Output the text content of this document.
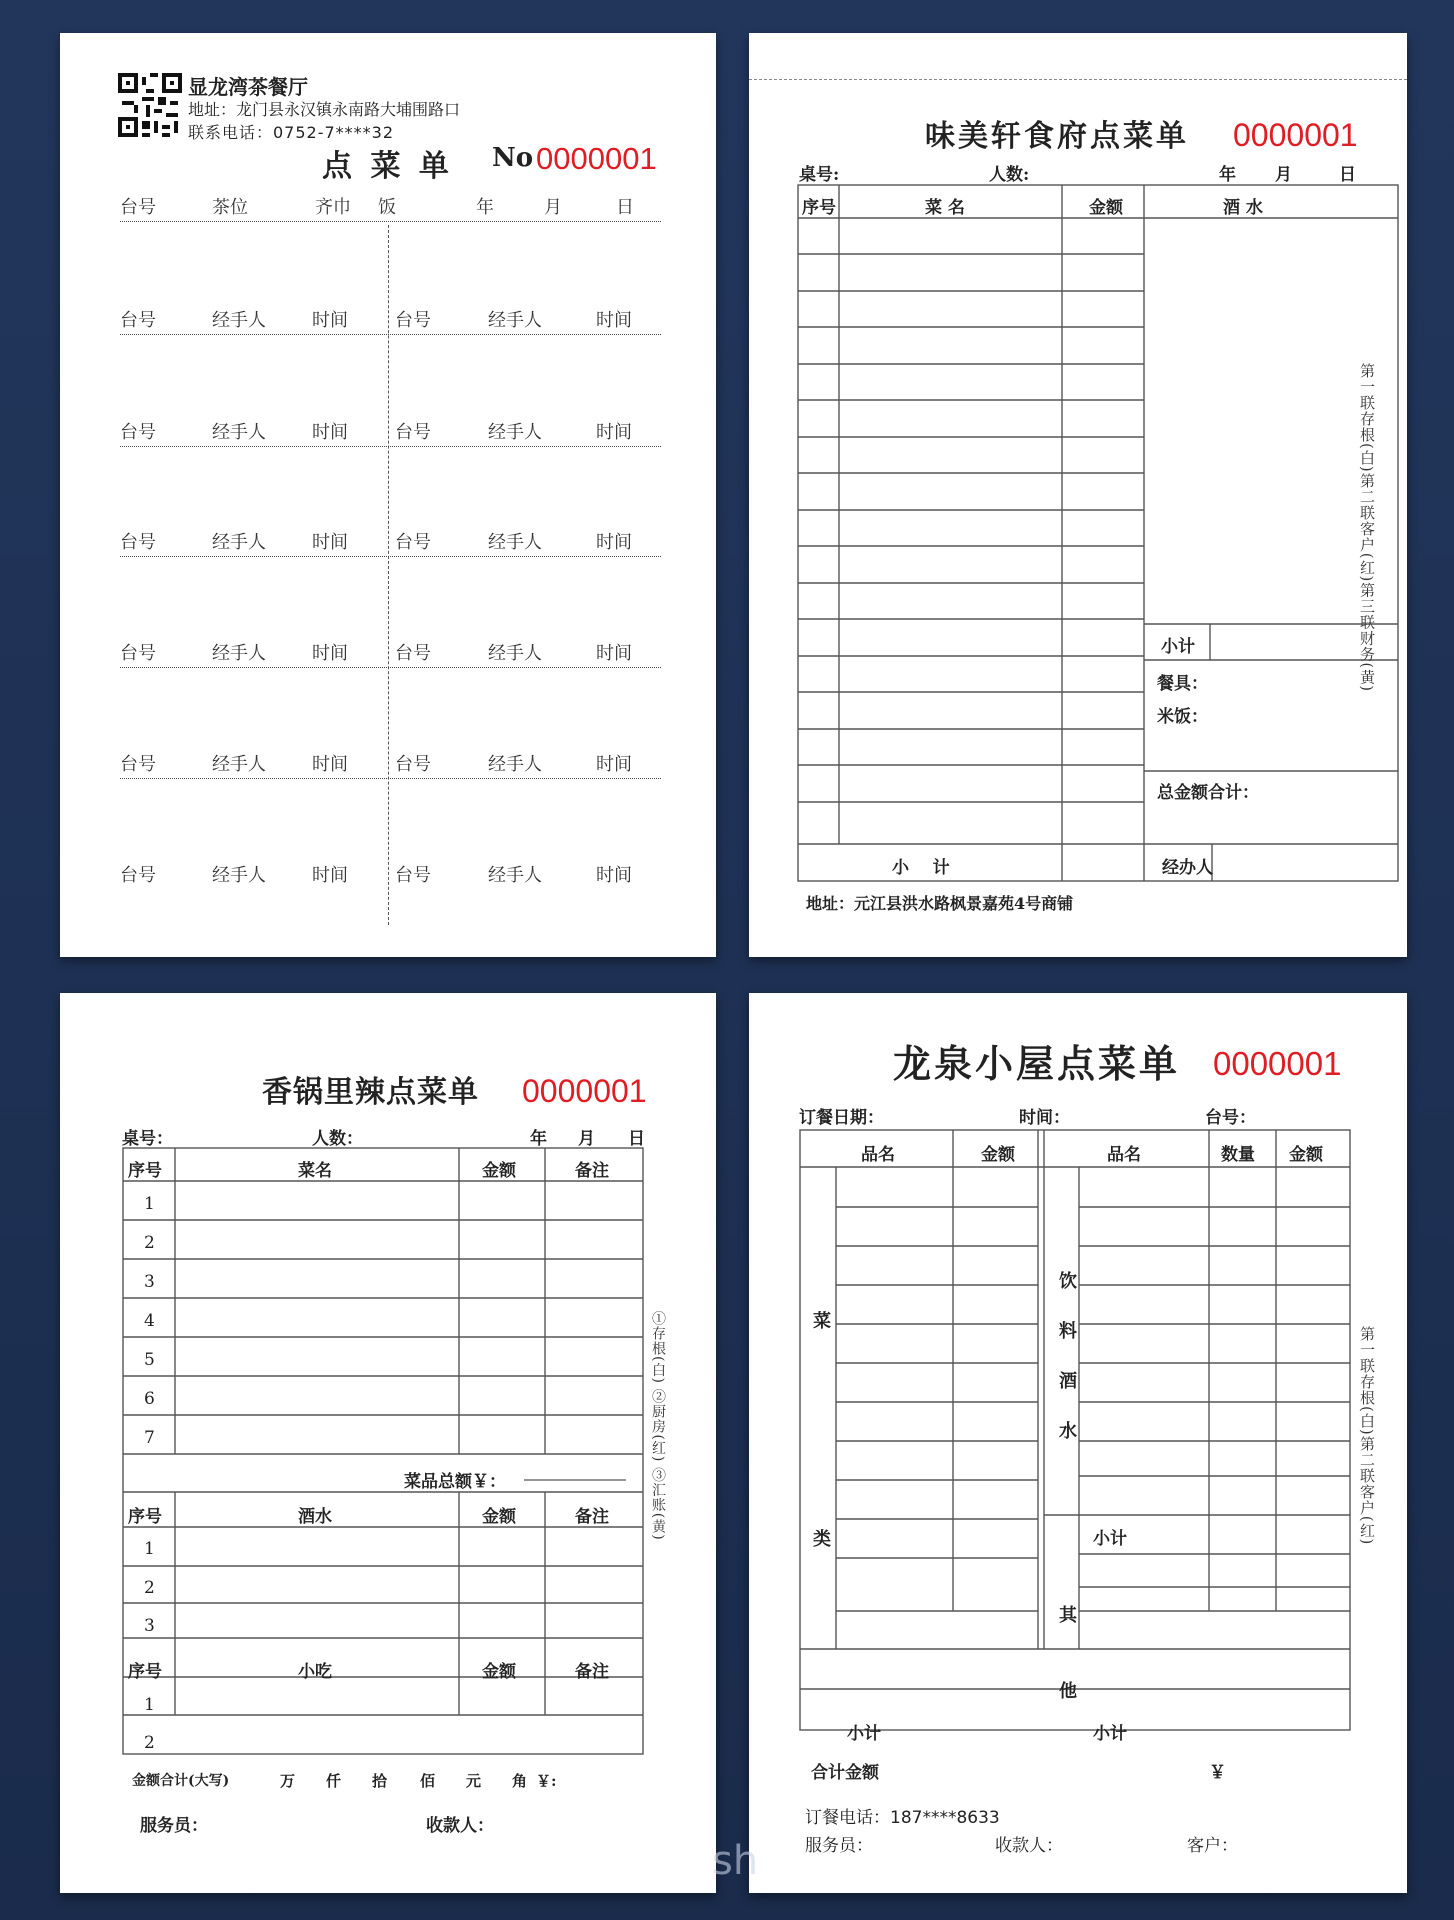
显龙湾茶餐厅
地址：龙门县永汉镇永南路大埔围路口
联系电话：0752-7****32
点 菜 单 No 0000001
台号	茶位	齐巾 饭	年	月	日
台号	经手人	时间	台号	经手人	时间
台号	经手人	时间	台号	经手人	时间
台号	经手人	时间	台号	经手人	时间
台号	经手人	时间	台号	经手人	时间
台号	经手人	时间	台号	经手人	时间
台号	经手人	时间	台号	经手人	时间
味美轩食府点菜单 0000001
桌号:	人数:	年 月	日
序号	菜 名	金额	酒 水
小计
餐具：
米饭：
总金额合计：
小    计	经办人
地址：元江县洪水路枫景嘉苑4号商铺
第一联存根(白)第二联客户(红)第三联财务(黄)
香锅里辣点菜单 0000001
桌号：	人数：	年 月 日
序号	菜名	金额	备注
1
2
3
4
5
6
7
菜品总额￥：
序号	酒水	金额	备注
1
2
3
序号	小吃	金额	备注
1
2
金额合计(大写)	万 仟 拾 佰 元 角 ￥:
服务员：	收款人：
①存根(白) ②厨房(红) ③汇账(黄)
龙泉小屋点菜单 0000001
订餐日期：	时间：	台号：
品名	金额	品名	数量 金额
菜类	饮料酒水
其他
小计
小计	小计
合计金额	￥
订餐电话：187****8633
服务员：	收款人：	客户：
第一联存根(白)第二联客户(红)
sh
